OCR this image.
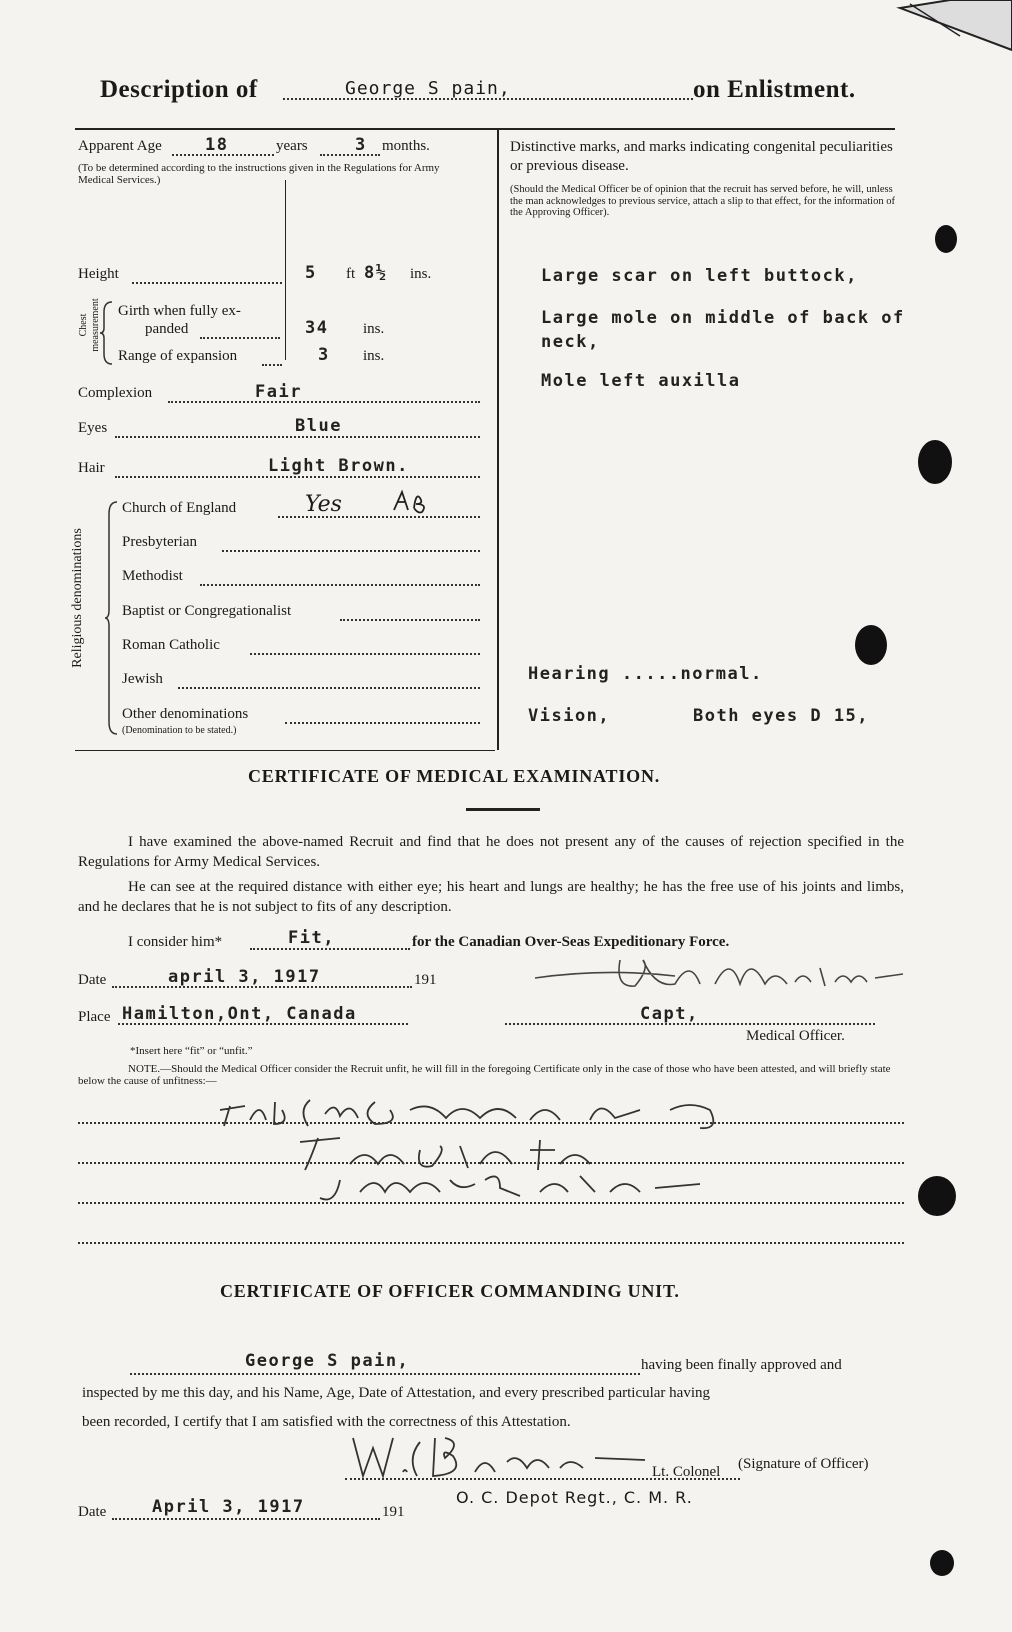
Description of	George S pain,	on Enlistment.
Apparent Age	18	years	3 months.
(To be determined according to the instructions given in the Regulations for Army Medical Services.)
Height	5 ft 8½ ins.
Chest measurement Girth when fully ex-
panded	34 ins.
Range of expansion	3 ins.
Complexion	Fair
Eyes	Blue
Hair	Light Brown.
Religious denominations
Church of England	Yes
Presbyterian
Methodist
Baptist or Congregationalist
Roman Catholic
Jewish
Other denominations
(Denomination to be stated.)
Distinctive marks, and marks indicating congenital peculiarities or previous disease.
(Should the Medical Officer be of opinion that the recruit has served before, he will, unless the man acknowledges to previous service, attach a slip to that effect, for the information of the Approving Officer).
Large scar on left buttock,
Large mole on middle of back of
neck,
Mole left auxilla
Hearing .....normal.
Vision,	Both eyes D 15,
CERTIFICATE OF MEDICAL EXAMINATION.
I have examined the above-named Recruit and find that he does not present any of the causes of rejection specified in the Regulations for Army Medical Services.
He can see at the required distance with either eye; his heart and lungs are healthy; he has the free use of his joints and limbs, and he declares that he is not subject to fits of any description.
I consider him*	Fit,	for the Canadian Over-Seas Expeditionary Force.
Date	april 3, 1917	191
Place Hamilton,Ont, Canada	Capt,
Medical Officer.
*Insert here “fit” or “unfit.”
NOTE.—Should the Medical Officer consider the Recruit unfit, he will fill in the foregoing Certificate only in the case of those who have been attested, and will briefly state below the cause of unfitness:—
CERTIFICATE OF OFFICER COMMANDING UNIT.
George S pain,	having been finally approved and
inspected by me this day, and his Name, Age, Date of Attestation, and every prescribed particular having
been recorded, I certify that I am satisfied with the correctness of this Attestation.
Lt. Colonel (Signature of Officer)
O. C. Depot Regt., C. M. R.
Date	April 3, 1917	191
